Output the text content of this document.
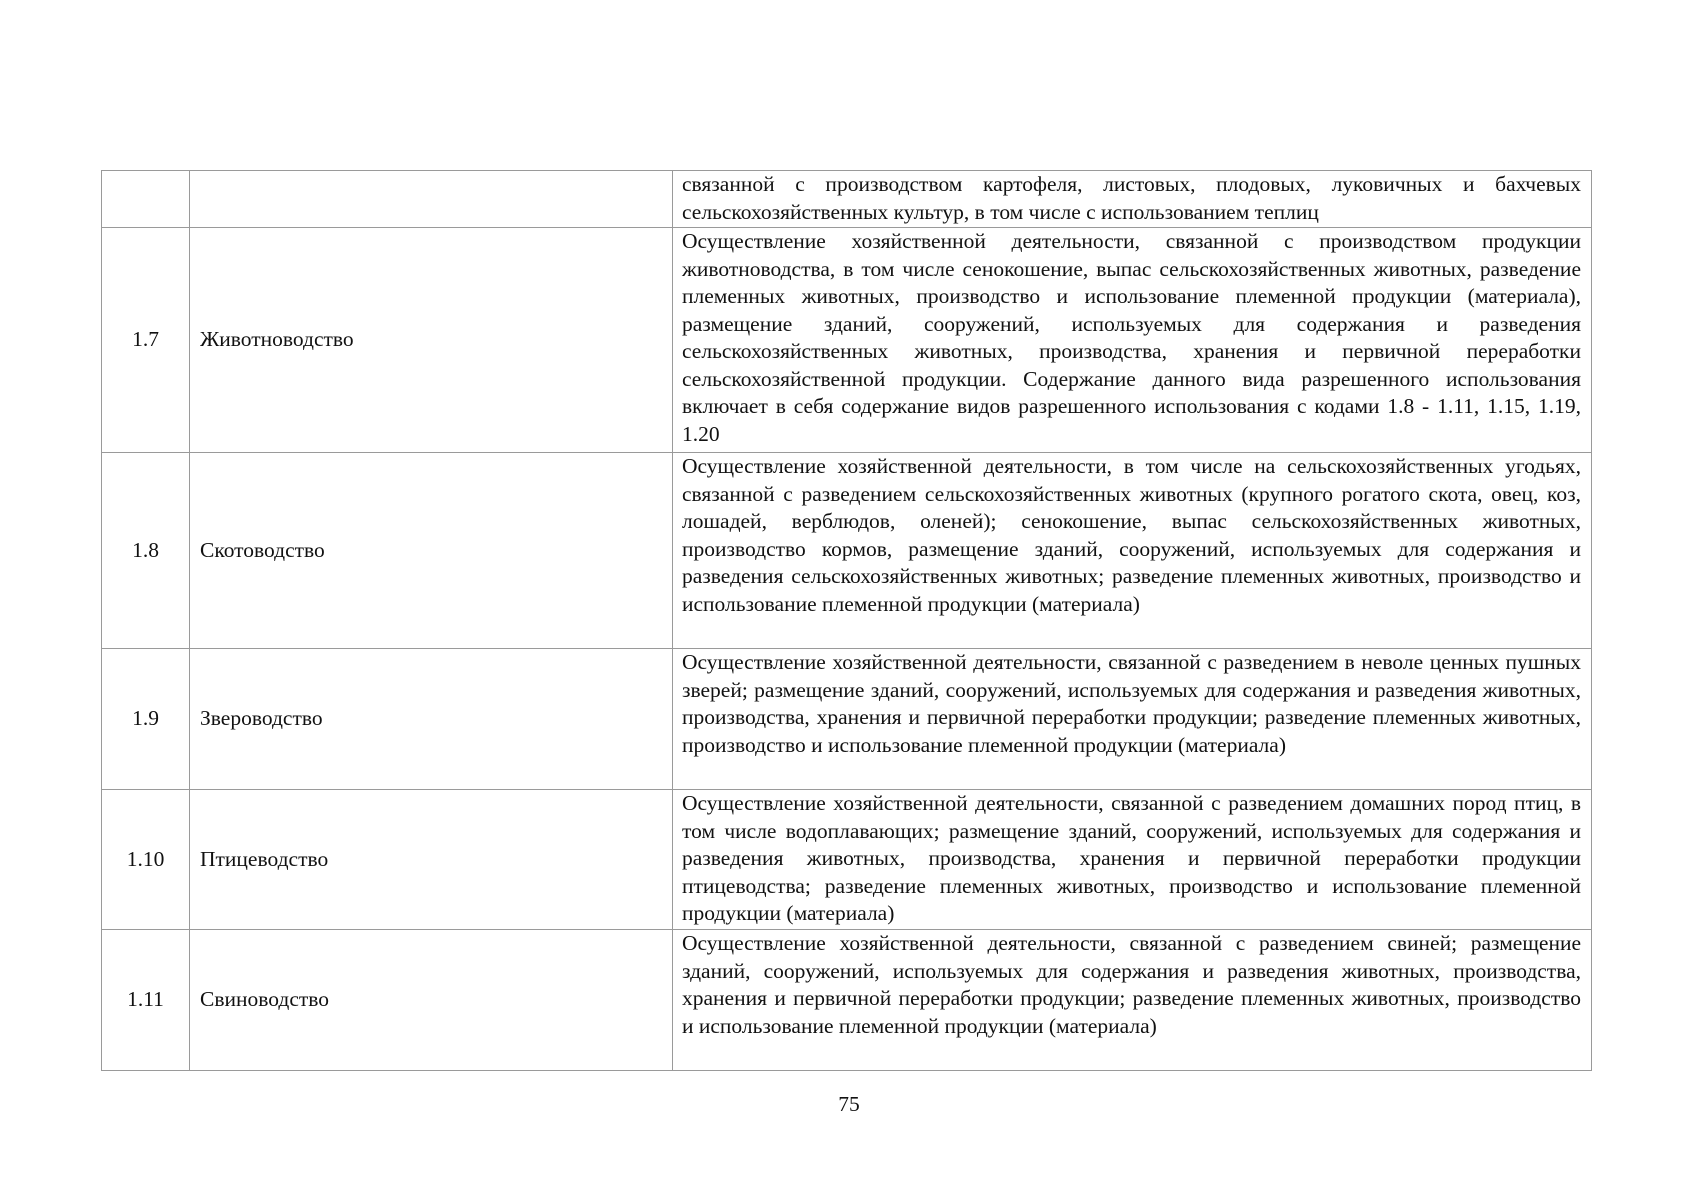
		связанной с производством картофеля, листовых, плодовых, луковичных и бахчевых сельскохозяйственных культур, в том числе с использованием теплиц
1.7	Животноводство	Осуществление хозяйственной деятельности, связанной с производством продукции животноводства, в том числе сенокошение, выпас сельскохозяйственных животных, разведение племенных животных, производство и использование племенной продукции (материала), размещение зданий, сооружений, используемых для содержания и разведения сельскохозяйственных животных, производства, хранения и первичной переработки сельскохозяйственной продукции. Содержание данного вида разрешенного использования включает в себя содержание видов разрешенного использования с кодами 1.8 - 1.11, 1.15, 1.19, 1.20
1.8	Скотоводство	Осуществление хозяйственной деятельности, в том числе на сельскохозяйственных угодьях, связанной с разведением сельскохозяйственных животных (крупного рогатого скота, овец, коз, лошадей, верблюдов, оленей); сенокошение, выпас сельскохозяйственных животных, производство кормов, размещение зданий, сооружений, используемых для содержания и разведения сельскохозяйственных животных; разведение племенных животных, производство и использование племенной продукции (материала)
1.9	Звероводство	Осуществление хозяйственной деятельности, связанной с разведением в неволе ценных пушных зверей; размещение зданий, сооружений, используемых для содержания и разведения животных, производства, хранения и первичной переработки продукции; разведение племенных животных, производство и использование племенной продукции (материала)
1.10	Птицеводство	Осуществление хозяйственной деятельности, связанной с разведением домашних пород птиц, в том числе водоплавающих; размещение зданий, сооружений, используемых для содержания и разведения животных, производства, хранения и первичной переработки продукции птицеводства; разведение племенных животных, производство и использование племенной продукции (материала)
1.11	Свиноводство	Осуществление хозяйственной деятельности, связанной с разведением свиней; размещение зданий, сооружений, используемых для содержания и разведения животных, производства, хранения и первичной переработки продукции; разведение племенных животных, производство и использование племенной продукции (материала)
75
